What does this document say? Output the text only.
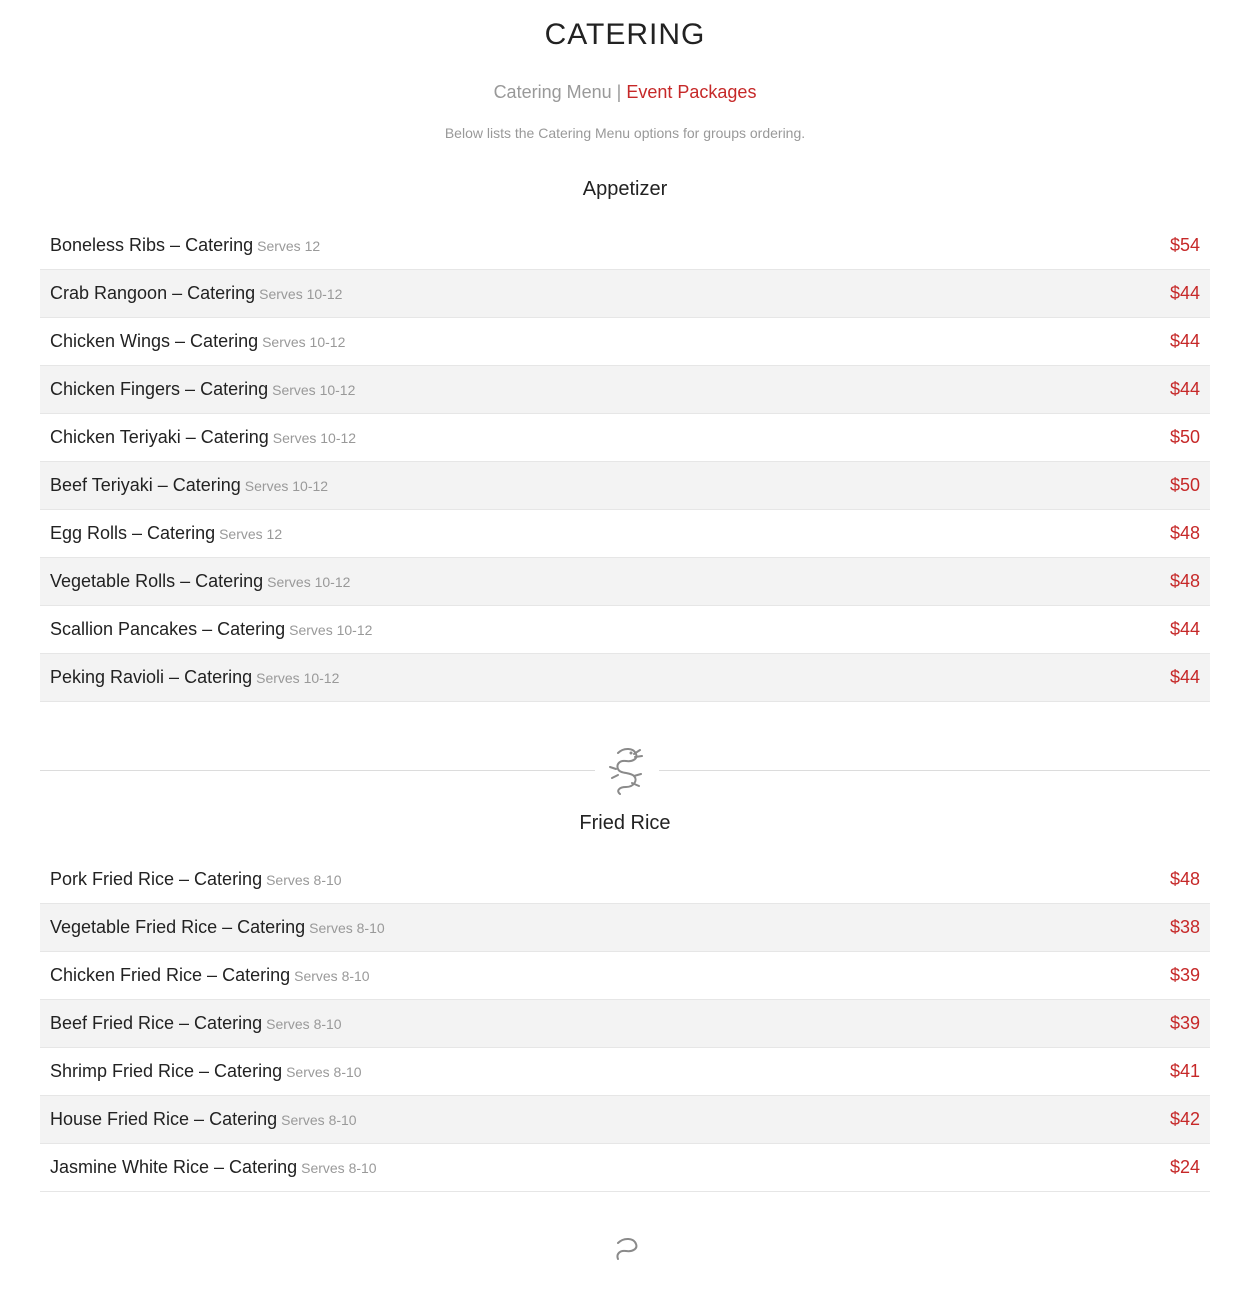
CATERING
Catering Menu | Event Packages
Below lists the Catering Menu options for groups ordering.
Appetizer
Boneless Ribs – Catering Serves 12	$54
Crab Rangoon – Catering Serves 10-12	$44
Chicken Wings – Catering Serves 10-12	$44
Chicken Fingers – Catering Serves 10-12	$44
Chicken Teriyaki – Catering Serves 10-12	$50
Beef Teriyaki – Catering Serves 10-12	$50
Egg Rolls – Catering Serves 12	$48
Vegetable Rolls – Catering Serves 10-12	$48
Scallion Pancakes – Catering Serves 10-12	$44
Peking Ravioli – Catering Serves 10-12	$44
Fried Rice
Pork Fried Rice – Catering Serves 8-10	$48
Vegetable Fried Rice – Catering Serves 8-10	$38
Chicken Fried Rice – Catering Serves 8-10	$39
Beef Fried Rice – Catering Serves 8-10	$39
Shrimp Fried Rice – Catering Serves 8-10	$41
House Fried Rice – Catering Serves 8-10	$42
Jasmine White Rice – Catering Serves 8-10	$24
